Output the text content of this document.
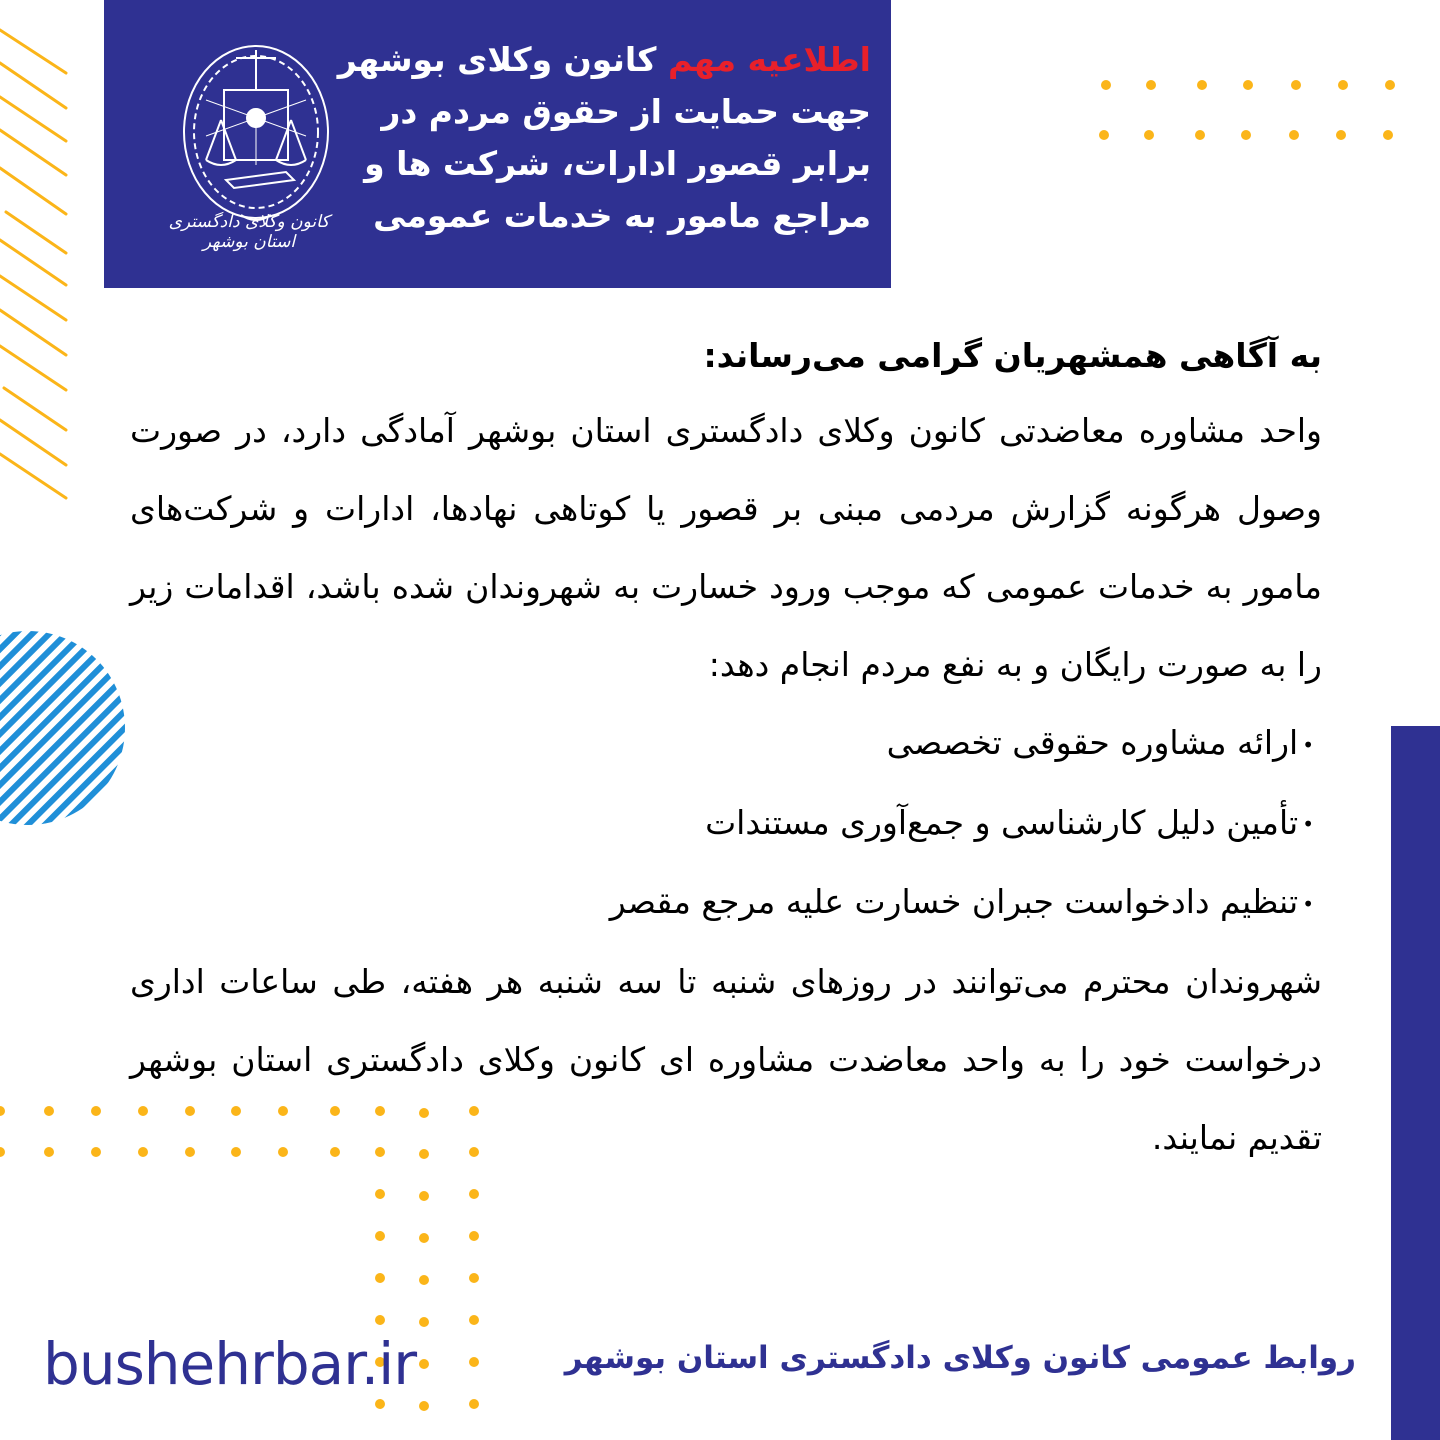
کانون وکلای دادگستری استان بوشهر
اطلاعیه مهم کانون وکلای بوشهر
جهت حمایت از حقوق مردم در
برابر قصور ادارات، شرکت ها و
مراجع مامور به خدمات عمومی
به آگاهی همشهریان گرامی می‌رساند:

واحد مشاوره معاضدتی کانون وکلای دادگستری استان بوشهر آمادگی دارد، در صورت وصول هرگونه گزارش مردمی مبنی بر قصور یا کوتاهی نهادها، ادارات و شرکت‌های مامور به خدمات عمومی که موجب ورود خسارت به شهروندان شده باشد، اقدامات زیر را به صورت رایگان و به نفع مردم انجام دهد:

• ارائه مشاوره حقوقی تخصصی
• تأمین دلیل کارشناسی و جمع‌آوری مستندات
• تنظیم دادخواست جبران خسارت علیه مرجع مقصر

شهروندان محترم می‌توانند در روزهای شنبه تا سه شنبه هر هفته، طی ساعات اداری درخواست خود را به واحد معاضدت مشاوره ای کانون وکلای دادگستری استان بوشهر تقدیم نمایند.

bushehrbar.ir	روابط عمومی کانون وکلای دادگستری استان بوشهر
